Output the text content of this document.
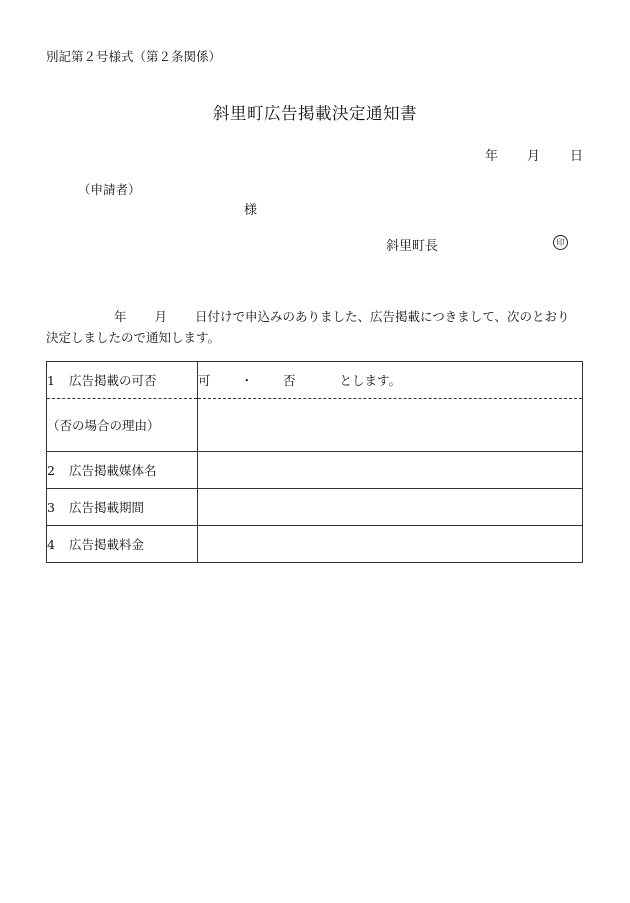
別記第２号様式（第２条関係）
斜里町広告掲載決定通知書
年 月 日
（申請者）
様
斜里町長	印
年 月 日付けで申込みのありました、広告掲載につきまして、次のとおり
決定しましたので通知します。
1 広告掲載の可否	可 ・ 否 とします。
（否の場合の理由）	
2 広告掲載媒体名	
3 広告掲載期間	
4 広告掲載料金	
